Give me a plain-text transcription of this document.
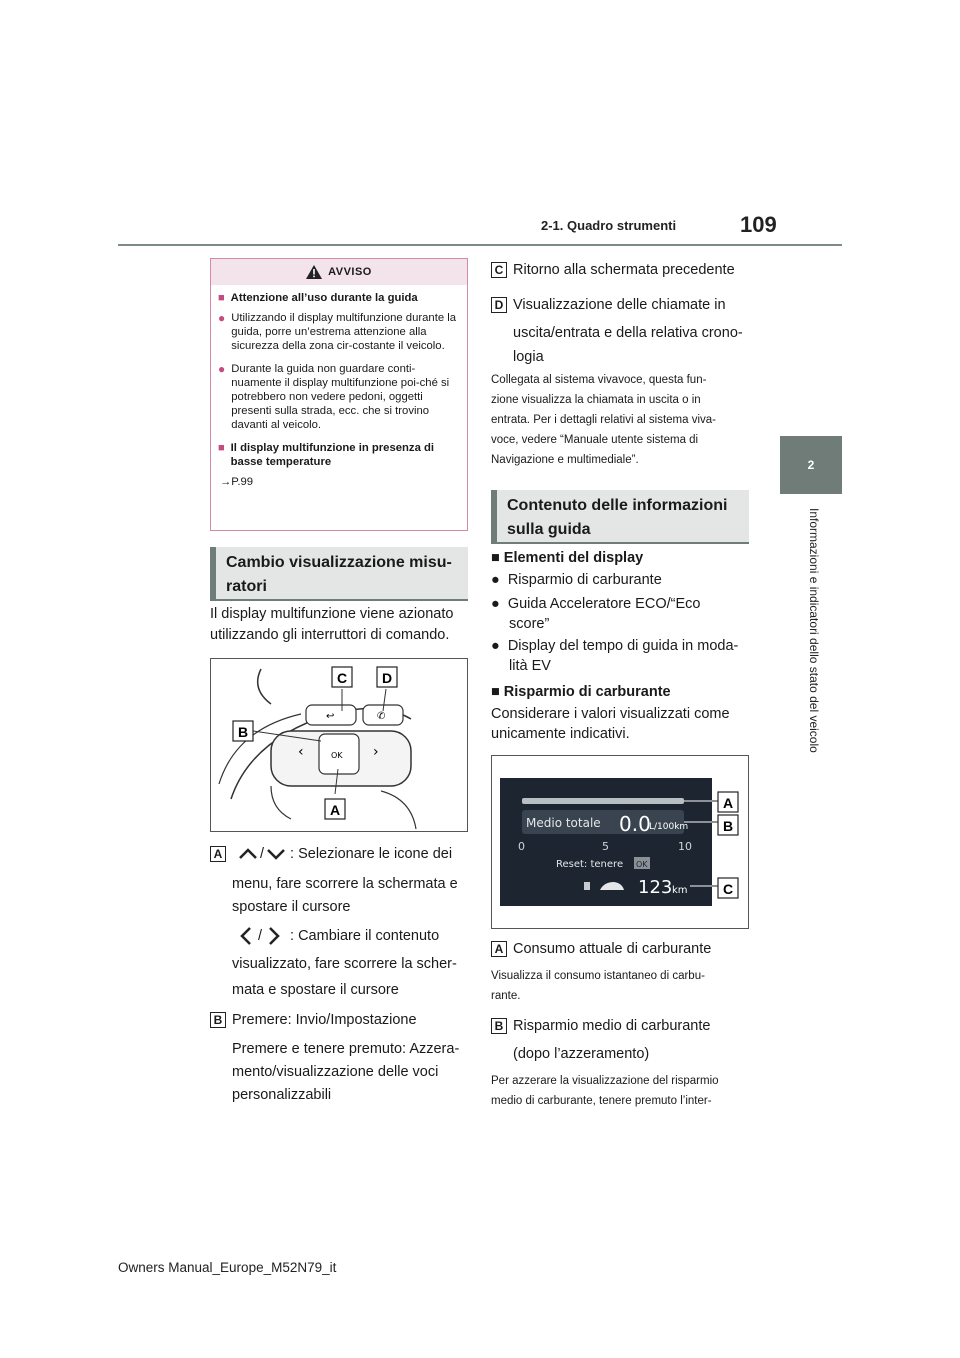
2-1. Quadro strumenti	109
2
Informazioni e indicatori dello stato del veicolo
AVVISO
■ Attenzione all’uso durante la guida
● Utilizzando il display multifunzione durante la guida, porre un’estrema attenzione alla sicurezza della zona cir-costante il veicolo.
● Durante la guida non guardare conti-nuamente il display multifunzione poi-ché si potrebbero non vedere pedoni, oggetti presenti sulla strada, ecc. che si trovino davanti al veicolo.
■ Il display multifunzione in presenza di basse temperature
→P.99
Cambio visualizzazione misu-
ratori
Il display multifunzione viene azionato
utilizzando gli interruttori di comando.
↩	✆
OK
‹	›
C D
B
A
A	/ : Selezionare le icone dei
menu, fare scorrere la schermata e
spostare il cursore
/ : Cambiare il contenuto
visualizzato, fare scorrere la scher-
mata e spostare il cursore
B Premere: Invio/Impostazione
Premere e tenere premuto: Azzera-
mento/visualizzazione delle voci
personalizzabili
C Ritorno alla schermata precedente
D Visualizzazione delle chiamate in
uscita/entrata e della relativa crono-
logia
Collegata al sistema vivavoce, questa fun-
zione visualizza la chiamata in uscita o in
entrata. Per i dettagli relativi al sistema viva-
voce, vedere “Manuale utente sistema di
Navigazione e multimediale”.
Contenuto delle informazioni
sulla guida
■ Elementi del display
● Risparmio di carburante
● Guida Acceleratore ECO/“Eco
score”
● Display del tempo di guida in moda-
lità EV
■ Risparmio di carburante
Considerare i valori visualizzati come
unicamente indicativi.
Medio totale 0.0
L/100km
0	5	10
Reset: tenere OK
123 km
A
B
C
A Consumo attuale di carburante
Visualizza il consumo istantaneo di carbu-
rante.
B Risparmio medio di carburante
(dopo l’azzeramento)
Per azzerare la visualizzazione del risparmio
medio di carburante, tenere premuto l’inter-
Owners Manual_Europe_M52N79_it
